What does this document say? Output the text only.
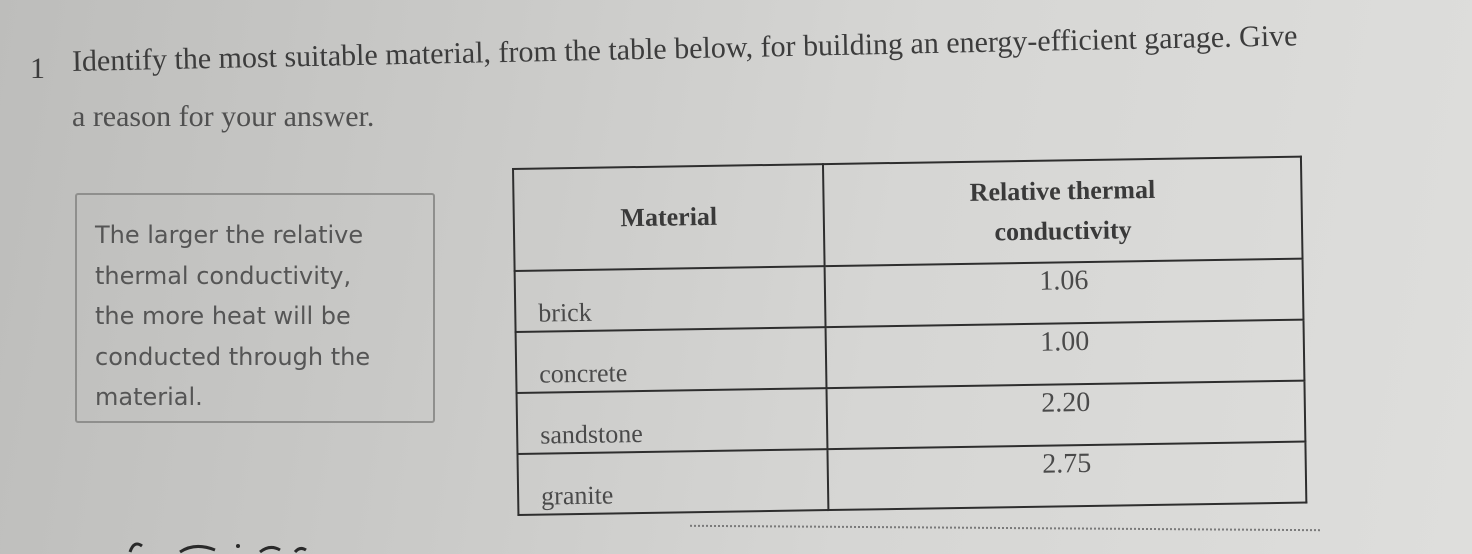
1 Identify the most suitable material, from the table below, for building an energy-efficient garage. Give
a reason for your answer.
The larger the relative
thermal conductivity,
the more heat will be
conducted through the
material.
Material	Relative thermal
conductivity

brick	1.06
concrete	1.00
sandstone	2.20
granite	2.75
